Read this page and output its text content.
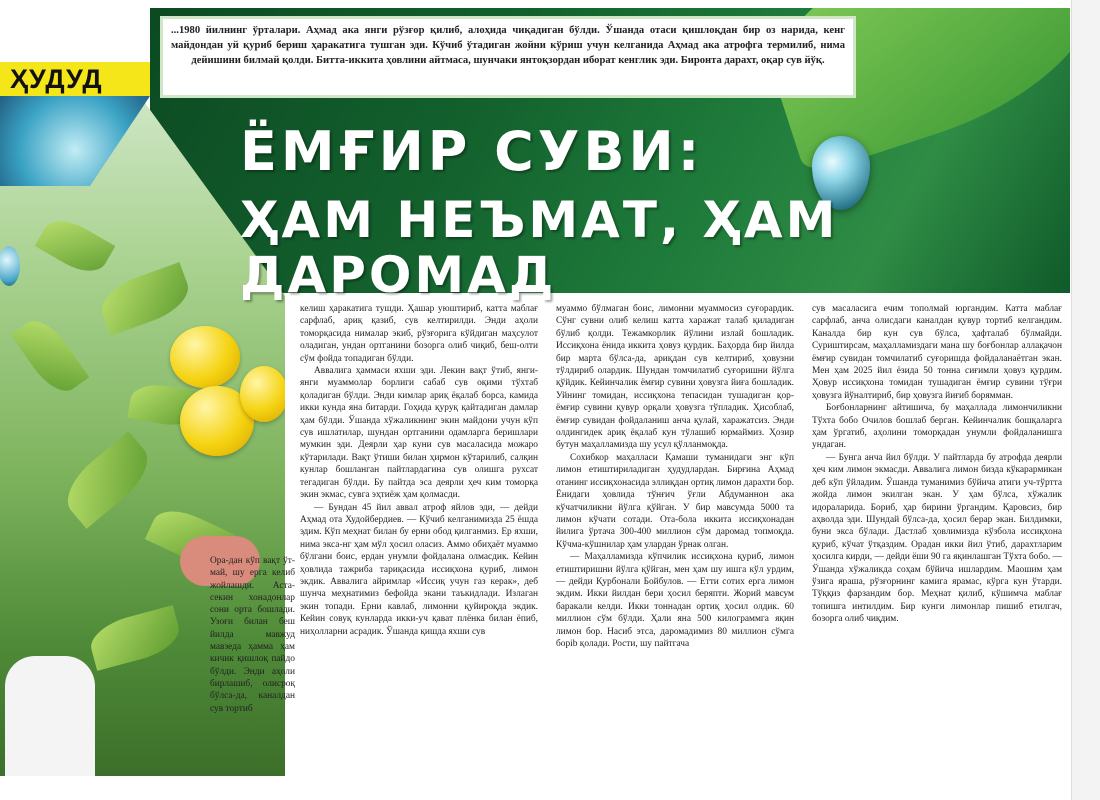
ҲУДУД
...1980 йилнинг ўрталари. Аҳмад ака янги рўзғор қилиб, алоҳида чиқадиган бўлди. Ўшанда отаси қишлоқдан бир оз нарида, кенг майдондан уй қуриб бериш ҳаракатига тушган эди. Кўчиб ўтадиган жойни кўриш учун келганида Аҳмад ака атрофга термилиб, нима дейишини билмай қолди. Битта-иккита ҳовлини айтмаса, шунчаки янтоқзордан иборат кенглик эди. Биронта дарахт, оқар сув йўқ.
ЁМҒИР СУВИ:
ҲАМ НЕЪМАТ, ҲАМ ДАРОМАД
Ора-дан кўп вақт ўт-май, шу ерга келиб жойлашди. Аста-секин хонадонлар сони орта бошлади. Узоғи билан беш йилда мавжуд мавзеда ҳамма ҳам кичик қишлоқ пайдо бўлди. Энди аҳоли бирлашиб, олисроқ бўлса-да, каналдан сув тортиб

келиш ҳаракатига тушди. Ҳашар уюштириб, катта маблағ сарфлаб, ариқ қазиб, сув келтирилди. Энди аҳоли томорқасида нималар экиб, рўзғорига кўйдиган маҳсулот оладиган, ундан ортганини бозорга олиб чиқиб, беш-олти сўм фойда топадиган бўлди.

Аввалига ҳаммаси яхши эди. Лекин вақт ўтиб, янги-янги муаммолар борлиги сабаб сув оқими тўхтаб қоладиган бўлди. Энди кимлар ариқ ёқалаб борса, камида икки кунда яна битарди. Гоҳида қуруқ қайтадиган дамлар ҳам бўлди. Ўшанда хўжаликнинг экин майдони учун кўп сув ишлатилар, шундан ортганини одамларга беришлари мумкин эди. Деярли ҳар куни сув масаласида можаро кўтарилади. Вақт ўтиши билан ҳирмон кўтарилиб, салқин кунлар бошланган пайтлардагина сув олишга рухсат тегадиган бўлди. Бу пайтда эса деярли ҳеч ким томорқа экин экмас, сувга эҳтиёж ҳам қолмасди.

— Бундан 45 йил аввал атроф яйлов эди, — дейди Аҳмад ота Худойбердиев. — Кўчиб келганимизда 25 ёшда эдим. Кўп меҳнат билан бу ерни обод қилганмиз. Ер яхши, нима экса-нг ҳам мўл ҳосил оласиз. Аммо обиҳаёт муаммо бўлгани боис, ердан унумли фойдалана олмасдик. Кейин ҳовлида тажриба тариқасида иссиқхона қуриб, лимон экдик. Аввалига айримлар «Иссиқ учун газ керак», деб шунча меҳнатимиз бефойда экани таъкидлади. Излаган экин топади. Ерни кавлаб, лимонни қуйироқда экдик. Кейин совуқ кунларда икки-уч қават плёнка билан ёпиб, ниҳолларни асрадик. Ўшанда қишда яхши сув

муаммо бўлмаган боис, лимонни муаммосиз суғорардик. Сўнг сувни олиб келиш катта харажат талаб қиладиган бўлиб қолди. Тежамкорлик йўлини излай бошладик. Иссиқхона ёнида иккита ҳовуз қурдик. Баҳорда бир йилда бир марта бўлса-да, ариқдан сув келтириб, ҳовузни тўлдириб олардик. Шундан томчилатиб суғоришни йўлга қўйдик. Кейинчалик ёмғир сувини ҳовузга йиға бошладик. Уйнинг томидан, иссиқхона тепасидан тушадиган қор-ёмғир сувини қувур орқали ҳовузга тўпладик. Ҳисоблаб, ёмғир сувидан фойдаланиш анча қулай, харажатсиз. Энди олдингидек ариқ ёқалаб кун тўлашиб юрмаймиз. Ҳозир бутун маҳалламизда шу усул қўлланмоқда.

Сохибкор маҳалласи Қамаши туманидаги энг кўп лимон етиштириладиган ҳудудлардан. Бирғина Аҳмад отанинг иссиқхонасида эллиқдан ортиқ лимон дарахти бор. Ёнидаги ҳовлида тўнғич ўғли Абдуманнон ака кўчатчиликни йўлга қўйган. У бир мавсумда 5000 та лимон кўчати сотади. Ота-бола иккита иссиқхонадан йилига ўртача 300-400 миллион сўм даромад топмоқда. Кўчма-кўшнилар ҳам улардан ўрнак олган.

— Маҳалламизда кўпчилик иссиқхона қуриб, лимон етиштиришни йўлга қўйган, мен ҳам шу ишга кўл урдим, — дейди Қурбонали Бойбулов. — Етти сотих ерга лимон экдим. Икки йилдан бери ҳосил беряпти. Жорий мавсум баракали келди. Икки тоннадан ортиқ ҳосил олдик. 60 миллион сўм бўлди. Ҳали яна 500 килограммга яқин лимон бор. Насиб этса, даромадимиз 80 миллион сўмга борib қолади. Рости, шу пайтгача

сув масаласига ечим тополмай юргандим. Катта маблағ сарфлаб, анча олисдаги каналдан қувур тортиб келгандим. Каналда бир кун сув бўлса, ҳафталаб бўлмайди. Суриштирсам, маҳалламиздаги мана шу боғбонлар аллақачон ёмғир сувидан томчилатиб суғоришда фойдаланаётган экан. Мен ҳам 2025 йил ёзида 50 тонна сиғимли ҳовуз қурдим. Ҳовур иссиқхона томидан тушадиган ёмғир сувини тўғри ҳовузга йўналтириб, бир ҳовузга йиғиб борямман.

Боғбонларнинг айтишича, бу маҳаллада лимончиликни Тўхта бобо Очилов бошлаб берган. Кейинчалик бошқаларга ҳам ўргатиб, аҳолини томорқадан унумли фойдаланишга ундаган.

— Бунга анча йил бўлди. У пайтларда бу атрофда деярли ҳеч ким лимон экмасди. Аввалига лимон бизда кўкарармикан деб кўп ўйладим. Ўшанда туманимиз бўйича атиги уч-тўртта жойда лимон экилган экан. У ҳам бўлса, хўжалик идораларида. Бориб, ҳар бирини ўргандим. Қаровсиз, бир аҳволда эди. Шундай бўлса-да, ҳосил берар экан. Билдимки, буни экса бўлади. Дастлаб ҳовлимизда кўзбола иссиқхона қуриб, кўчат ўтқаздим. Орадан икки йил ўтиб, дарахтларим ҳосилга кирди, — дейди ёши 90 га яқинлашган Тўхта бобо. — Ўшанда хўжаликда соҳам бўйича ишлардим. Маошим ҳам ўзига яраша, рўзғорнинг камига ярамас, кўрга кун ўтарди. Тўққиз фарзандим бор. Меҳнат қилиб, кўшимча маблағ топишга интилдим. Бир кунги лимонлар пишиб етилгач, бозорга олиб чиқдим.
